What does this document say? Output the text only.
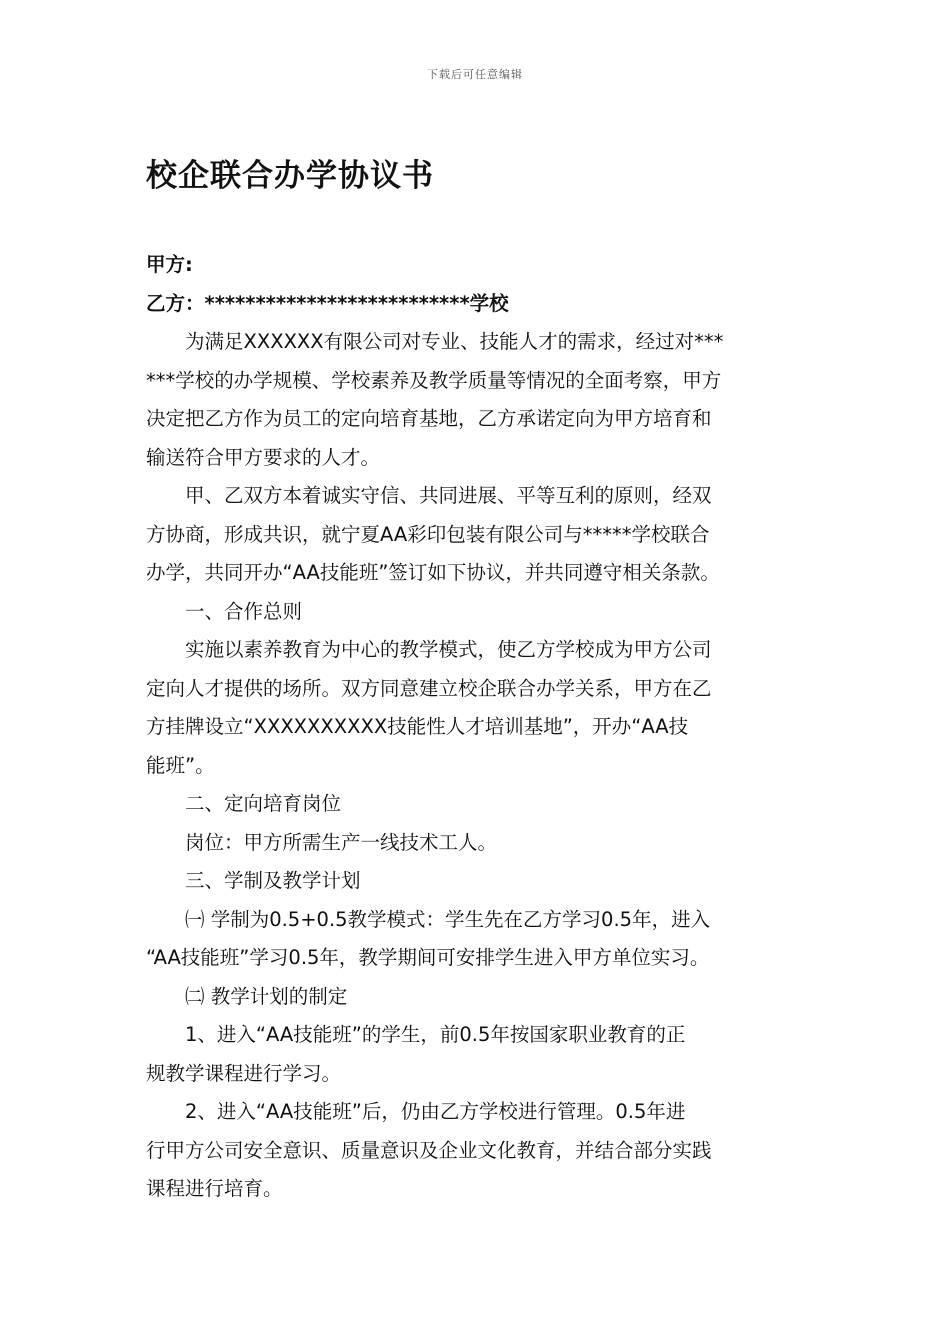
下载后可任意编辑
校企联合办学协议书
甲方:
乙方：**************************学校
为满足XXXXXX有限公司对专业、技能人才的需求，经过对***
***学校的办学规模、学校素养及教学质量等情况的全面考察，甲方
决定把乙方作为员工的定向培育基地，乙方承诺定向为甲方培育和
输送符合甲方要求的人才。
甲、乙双方本着诚实守信、共同进展、平等互利的原则，经双
方协商，形成共识，就宁夏AA彩印包装有限公司与*****学校联合
办学，共同开办“AA技能班”签订如下协议，并共同遵守相关条款。
一、合作总则
实施以素养教育为中心的教学模式，使乙方学校成为甲方公司
定向人才提供的场所。双方同意建立校企联合办学关系，甲方在乙
方挂牌设立“XXXXXXXXXX技能性人才培训基地”，开办“AA技
能班”。
二、定向培育岗位
岗位：甲方所需生产一线技术工人。
三、学制及教学计划
㈠ 学制为0.5+0.5教学模式：学生先在乙方学习0.5年，进入
“AA技能班”学习0.5年，教学期间可安排学生进入甲方单位实习。
㈡ 教学计划的制定
1、进入“AA技能班”的学生，前0.5年按国家职业教育的正
规教学课程进行学习。
2、进入“AA技能班”后，仍由乙方学校进行管理。0.5年进
行甲方公司安全意识、质量意识及企业文化教育，并结合部分实践
课程进行培育。
